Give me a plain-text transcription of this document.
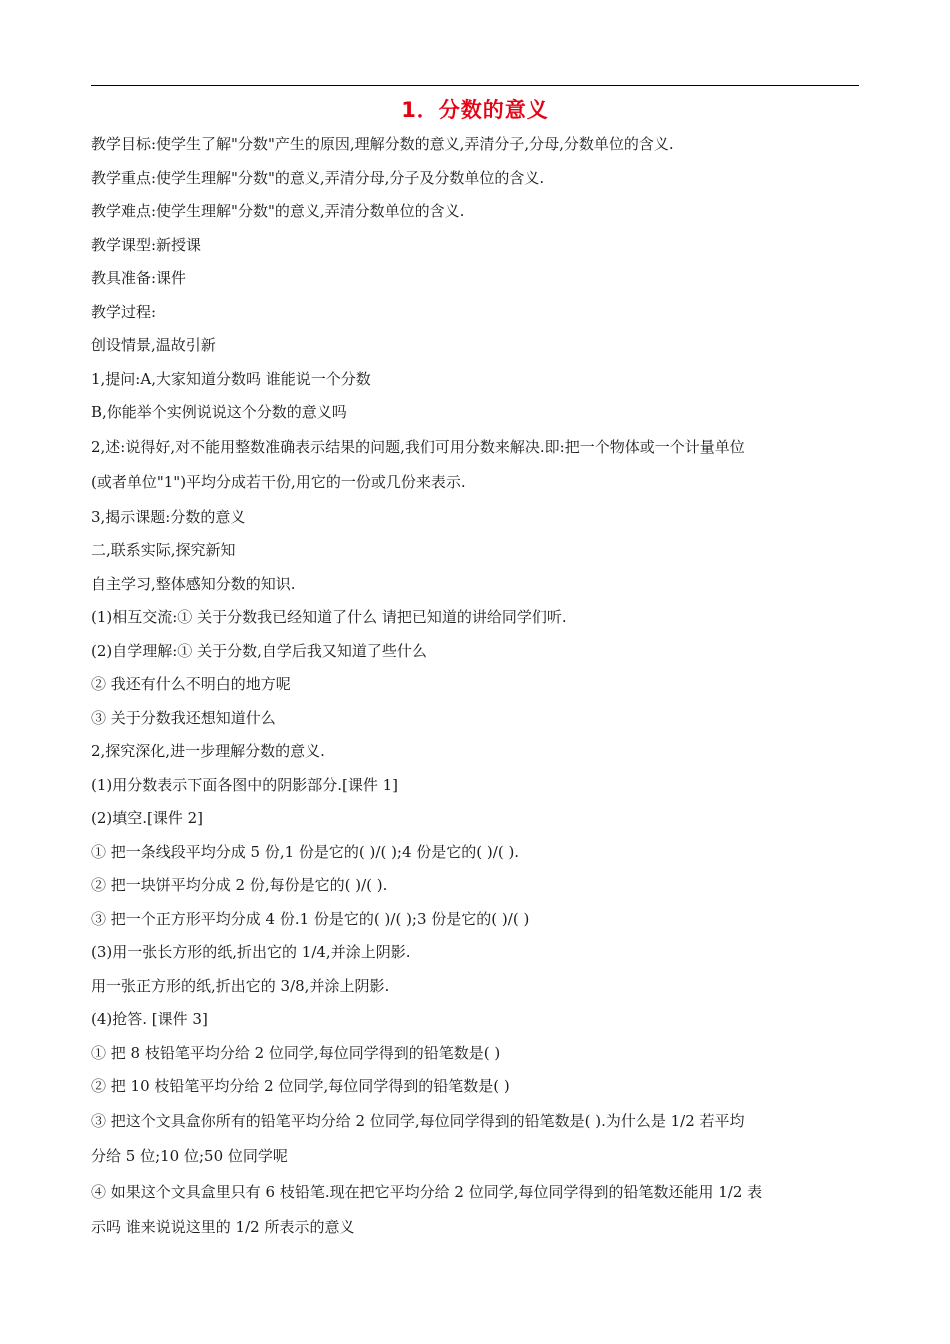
1．分数的意义
教学目标:使学生了解"分数"产生的原因,理解分数的意义,弄清分子,分母,分数单位的含义.
教学重点:使学生理解"分数"的意义,弄清分母,分子及分数单位的含义.
教学难点:使学生理解"分数"的意义,弄清分数单位的含义.
教学课型:新授课
教具准备:课件
教学过程:
创设情景,温故引新
1,提问:A,大家知道分数吗 谁能说一个分数
B,你能举个实例说说这个分数的意义吗
2,述:说得好,对不能用整数准确表示结果的问题,我们可用分数来解决.即:把一个物体或一个计量单位
(或者单位"1")平均分成若干份,用它的一份或几份来表示.
3,揭示课题:分数的意义
二,联系实际,探究新知
自主学习,整体感知分数的知识.
(1)相互交流:① 关于分数我已经知道了什么 请把已知道的讲给同学们听.
(2)自学理解:① 关于分数,自学后我又知道了些什么
② 我还有什么不明白的地方呢
③ 关于分数我还想知道什么
2,探究深化,进一步理解分数的意义.
(1)用分数表示下面各图中的阴影部分.[课件 1]
(2)填空.[课件 2]
① 把一条线段平均分成 5 份,1 份是它的( )/( );4 份是它的( )/( ).
② 把一块饼平均分成 2 份,每份是它的( )/( ).
③ 把一个正方形平均分成 4 份.1 份是它的( )/( );3 份是它的( )/( )
(3)用一张长方形的纸,折出它的 1/4,并涂上阴影.
用一张正方形的纸,折出它的 3/8,并涂上阴影.
(4)抢答. [课件 3]
① 把 8 枝铅笔平均分给 2 位同学,每位同学得到的铅笔数是( )
② 把 10 枝铅笔平均分给 2 位同学,每位同学得到的铅笔数是( )
③ 把这个文具盒你所有的铅笔平均分给 2 位同学,每位同学得到的铅笔数是( ).为什么是 1/2 若平均
分给 5 位;10 位;50 位同学呢
④ 如果这个文具盒里只有 6 枝铅笔.现在把它平均分给 2 位同学,每位同学得到的铅笔数还能用 1/2 表
示吗 谁来说说这里的 1/2 所表示的意义
